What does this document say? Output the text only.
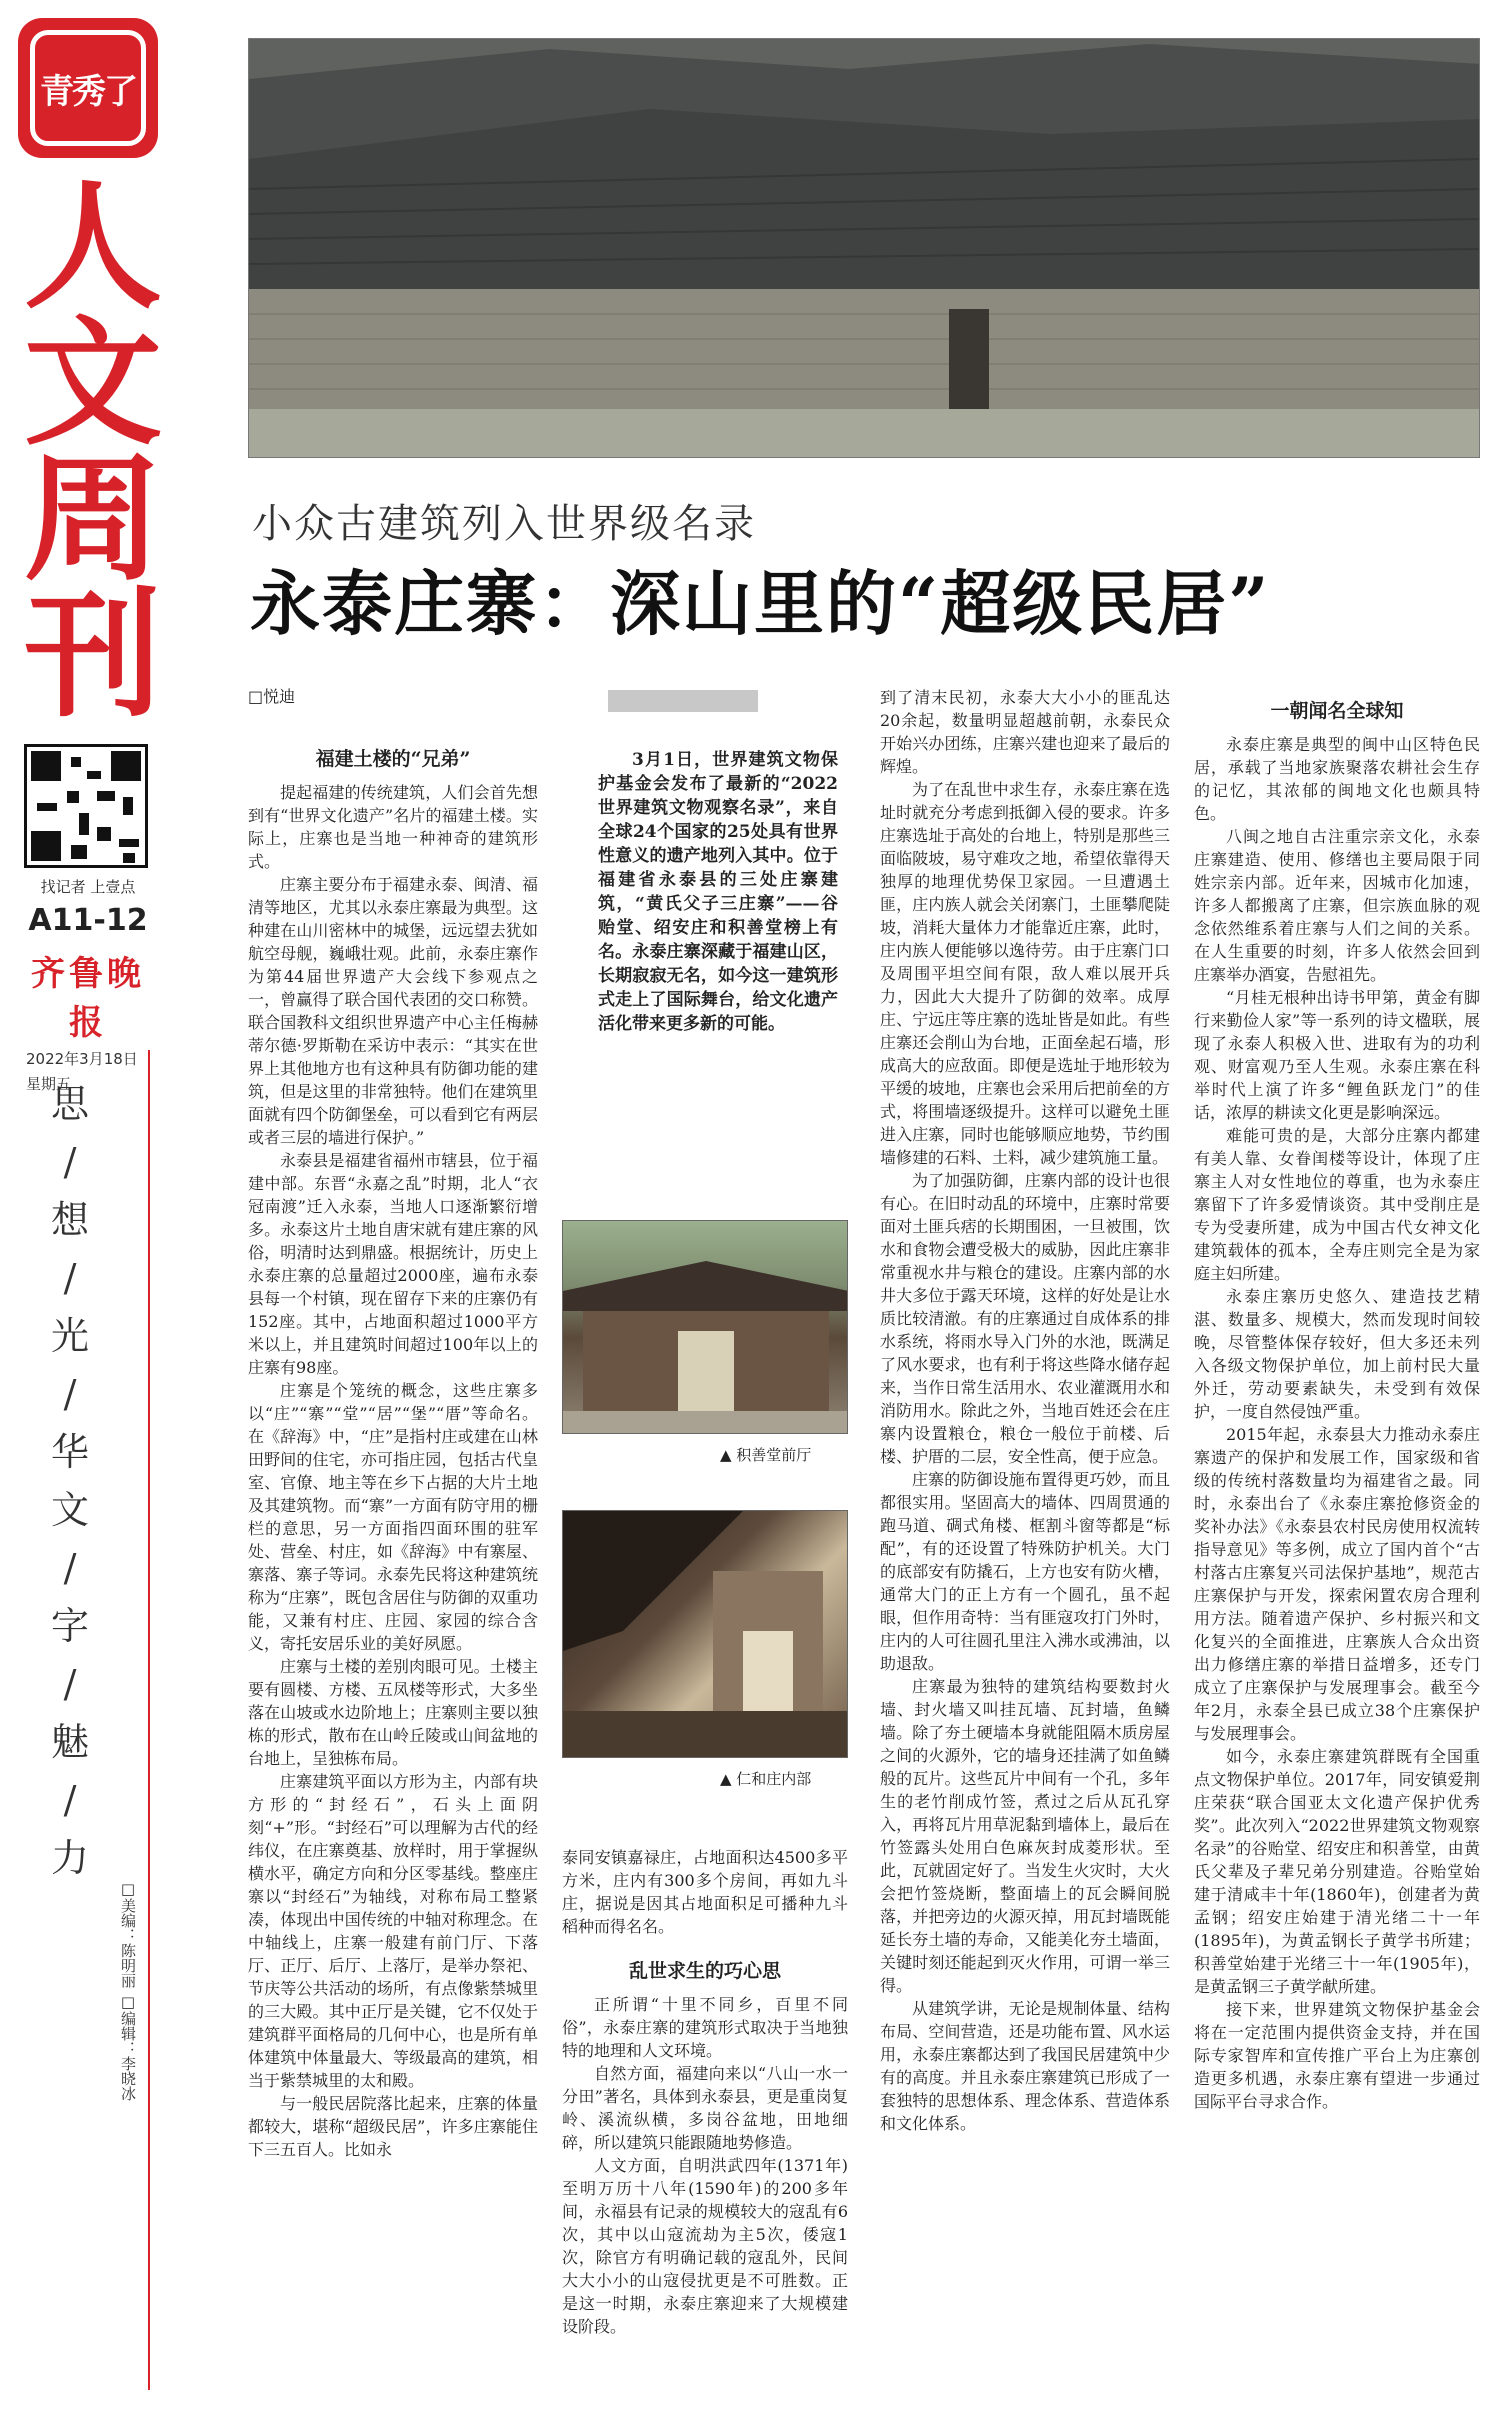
青秀了
人
文
周
刊
找记者 上壹点
A11-12
齐鲁晚报
2022年3月18日
星期五
思
/
想
/
光
/
华
文
/
字
/
魅
/
力
□美编：陈明丽 □编辑：李晓冰
小众古建筑列入世界级名录
永泰庄寨：深山里的“超级民居”
□悦迪
福建土楼的“兄弟”

提起福建的传统建筑，人们会首先想到有“世界文化遗产”名片的福建土楼。实际上，庄寨也是当地一种神奇的建筑形式。

庄寨主要分布于福建永泰、闽清、福清等地区，尤其以永泰庄寨最为典型。这种建在山川密林中的城堡，远远望去犹如航空母舰，巍峨壮观。此前，永泰庄寨作为第44届世界遗产大会线下参观点之一，曾赢得了联合国代表团的交口称赞。联合国教科文组织世界遗产中心主任梅赫蒂尔德·罗斯勒在采访中表示：“其实在世界上其他地方也有这种具有防御功能的建筑，但是这里的非常独特。他们在建筑里面就有四个防御堡垒，可以看到它有两层或者三层的墙进行保护。”

永泰县是福建省福州市辖县，位于福建中部。东晋“永嘉之乱”时期，北人“衣冠南渡”迁入永泰，当地人口逐渐繁衍增多。永泰这片土地自唐宋就有建庄寨的风俗，明清时达到鼎盛。根据统计，历史上永泰庄寨的总量超过2000座，遍布永泰县每一个村镇，现在留存下来的庄寨仍有152座。其中，占地面积超过1000平方米以上，并且建筑时间超过100年以上的庄寨有98座。

庄寨是个笼统的概念，这些庄寨多以“庄”“寨”“堂”“居”“堡”“厝”等命名。在《辞海》中，“庄”是指村庄或建在山林田野间的住宅，亦可指庄园，包括古代皇室、官僚、地主等在乡下占据的大片土地及其建筑物。而“寨”一方面有防守用的栅栏的意思，另一方面指四面环围的驻军处、营垒、村庄，如《辞海》中有寨屋、寨落、寨子等词。永泰先民将这种建筑统称为“庄寨”，既包含居住与防御的双重功能，又兼有村庄、庄园、家园的综合含义，寄托安居乐业的美好夙愿。

庄寨与土楼的差别肉眼可见。土楼主要有圆楼、方楼、五凤楼等形式，大多坐落在山坡或水边阶地上；庄寨则主要以独栋的形式，散布在山岭丘陵或山间盆地的台地上，呈独栋布局。

庄寨建筑平面以方形为主，内部有块方形的“封经石”，石头上面阴刻“+”形。“封经石”可以理解为古代的经纬仪，在庄寨奠基、放样时，用于掌握纵横水平，确定方向和分区零基线。整座庄寨以“封经石”为轴线，对称布局工整紧凑，体现出中国传统的中轴对称理念。在中轴线上，庄寨一般建有前门厅、下落厅、正厅、后厅、上落厅，是举办祭祀、节庆等公共活动的场所，有点像紫禁城里的三大殿。其中正厅是关键，它不仅处于建筑群平面格局的几何中心，也是所有单体建筑中体量最大、等级最高的建筑，相当于紫禁城里的太和殿。

与一般民居院落比起来，庄寨的体量都较大，堪称“超级民居”，许多庄寨能住下三五百人。比如永

3月1日，世界建筑文物保护基金会发布了最新的“2022世界建筑文物观察名录”，来自全球24个国家的25处具有世界性意义的遗产地列入其中。位于福建省永泰县的三处庄寨建筑，“黄氏父子三庄寨”——谷贻堂、绍安庄和积善堂榜上有名。永泰庄寨深藏于福建山区，长期寂寂无名，如今这一建筑形式走上了国际舞台，给文化遗产活化带来更多新的可能。

▲ 积善堂前厅
▲ 仁和庄内部
泰同安镇嘉禄庄，占地面积达4500多平方米，庄内有300多个房间，再如九斗庄，据说是因其占地面积足可播种九斗稻种而得名名。
乱世求生的巧心思

正所谓“十里不同乡，百里不同俗”，永泰庄寨的建筑形式取决于当地独特的地理和人文环境。

自然方面，福建向来以“八山一水一分田”著名，具体到永泰县，更是重岗复岭、溪流纵横，多岗谷盆地，田地细碎，所以建筑只能跟随地势修造。

人文方面，自明洪武四年(1371年)至明万历十八年(1590年)的200多年间，永福县有记录的规模较大的寇乱有6次，其中以山寇流劫为主5次，倭寇1次，除官方有明确记载的寇乱外，民间大大小小的山寇侵扰更是不可胜数。正是这一时期，永泰庄寨迎来了大规模建设阶段。

到了清末民初，永泰大大小小的匪乱达20余起，数量明显超越前朝，永泰民众开始兴办团练，庄寨兴建也迎来了最后的辉煌。

为了在乱世中求生存，永泰庄寨在选址时就充分考虑到抵御入侵的要求。许多庄寨选址于高处的台地上，特别是那些三面临陂坡，易守难攻之地，希望依靠得天独厚的地理优势保卫家园。一旦遭遇土匪，庄内族人就会关闭寨门，土匪攀爬陡坡，消耗大量体力才能靠近庄寨，此时，庄内族人便能够以逸待劳。由于庄寨门口及周围平坦空间有限，敌人难以展开兵力，因此大大提升了防御的效率。成厚庄、宁远庄等庄寨的选址皆是如此。有些庄寨还会削山为台地，正面垒起石墙，形成高大的应敌面。即便是选址于地形较为平缓的坡地，庄寨也会采用后把前垒的方式，将围墙逐级提升。这样可以避免土匪进入庄寨，同时也能够顺应地势，节约围墙修建的石料、土料，减少建筑施工量。

为了加强防御，庄寨内部的设计也很有心。在旧时动乱的环境中，庄寨时常要面对土匪兵痞的长期围困，一旦被围，饮水和食物会遭受极大的威胁，因此庄寨非常重视水井与粮仓的建设。庄寨内部的水井大多位于露天环境，这样的好处是让水质比较清澈。有的庄寨通过自成体系的排水系统，将雨水导入门外的水池，既满足了风水要求，也有利于将这些降水储存起来，当作日常生活用水、农业灌溉用水和消防用水。除此之外，当地百姓还会在庄寨内设置粮仓，粮仓一般位于前楼、后楼、护厝的二层，安全性高，便于应急。

庄寨的防御设施布置得更巧妙，而且都很实用。坚固高大的墙体、四周贯通的跑马道、碉式角楼、框割斗窗等都是“标配”，有的还设置了特殊防护机关。大门的底部安有防撬石，上方也安有防火槽，通常大门的正上方有一个圆孔，虽不起眼，但作用奇特：当有匪寇攻打门外时，庄内的人可往圆孔里注入沸水或沸油，以助退敌。

庄寨最为独特的建筑结构要数封火墙、封火墙又叫挂瓦墙、瓦封墙，鱼鳞墙。除了夯土硬墙本身就能阻隔木质房屋之间的火源外，它的墙身还挂满了如鱼鳞般的瓦片。这些瓦片中间有一个孔，多年生的老竹削成竹签，煮过之后从瓦孔穿入，再将瓦片用草泥黏到墙体上，最后在竹签露头处用白色麻灰封成菱形状。至此，瓦就固定好了。当发生火灾时，大火会把竹签烧断，整面墙上的瓦会瞬间脱落，并把旁边的火源灭掉，用瓦封墙既能延长夯土墙的寿命，又能美化夯土墙面，关键时刻还能起到灭火作用，可谓一举三得。

从建筑学讲，无论是规制体量、结构布局、空间营造，还是功能布置、风水运用，永泰庄寨都达到了我国民居建筑中少有的高度。并且永泰庄寨建筑已形成了一套独特的思想体系、理念体系、营造体系和文化体系。

一朝闻名全球知

永泰庄寨是典型的闽中山区特色民居，承载了当地家族聚落农耕社会生存的记忆，其浓郁的闽地文化也颇具特色。

八闽之地自古注重宗亲文化，永泰庄寨建造、使用、修缮也主要局限于同姓宗亲内部。近年来，因城市化加速，许多人都搬离了庄寨，但宗族血脉的观念依然维系着庄寨与人们之间的关系。在人生重要的时刻，许多人依然会回到庄寨举办酒宴，告慰祖先。

“月桂无根种出诗书甲第，黄金有脚行来勤俭人家”等一系列的诗文楹联，展现了永泰人积极入世、进取有为的功利观、财富观乃至人生观。永泰庄寨在科举时代上演了许多“鲤鱼跃龙门”的佳话，浓厚的耕读文化更是影响深远。

难能可贵的是，大部分庄寨内都建有美人靠、女眷闺楼等设计，体现了庄寨主人对女性地位的尊重，也为永泰庄寨留下了许多爱情谈资。其中受削庄是专为受妻所建，成为中国古代女神文化建筑载体的孤本，全寿庄则完全是为家庭主妇所建。

永泰庄寨历史悠久、建造技艺精湛、数量多、规模大，然而发现时间较晚，尽管整体保存较好，但大多还未列入各级文物保护单位，加上前村民大量外迁，劳动要素缺失，未受到有效保护，一度自然侵蚀严重。

2015年起，永泰县大力推动永泰庄寨遗产的保护和发展工作，国家级和省级的传统村落数量均为福建省之最。同时，永泰出台了《永泰庄寨抢修资金的奖补办法》《永泰县农村民房使用权流转指导意见》等多例，成立了国内首个“古村落古庄寨复兴司法保护基地”，规范古庄寨保护与开发，探索闲置农房合理利用方法。随着遗产保护、乡村振兴和文化复兴的全面推进，庄寨族人合众出资出力修缮庄寨的举措日益增多，还专门成立了庄寨保护与发展理事会。截至今年2月，永泰全县已成立38个庄寨保护与发展理事会。

如今，永泰庄寨建筑群既有全国重点文物保护单位。2017年，同安镇爱荆庄荣获“联合国亚太文化遗产保护优秀奖”。此次列入“2022世界建筑文物观察名录”的谷贻堂、绍安庄和积善堂，由黄氏父辈及子辈兄弟分别建造。谷贻堂始建于清咸丰十年(1860年)，创建者为黄孟钢；绍安庄始建于清光绪二十一年(1895年)，为黄孟钢长子黄学书所建；积善堂始建于光绪三十一年(1905年)，是黄孟钢三子黄学献所建。

接下来，世界建筑文物保护基金会将在一定范围内提供资金支持，并在国际专家智库和宣传推广平台上为庄寨创造更多机遇，永泰庄寨有望进一步通过国际平台寻求合作。
